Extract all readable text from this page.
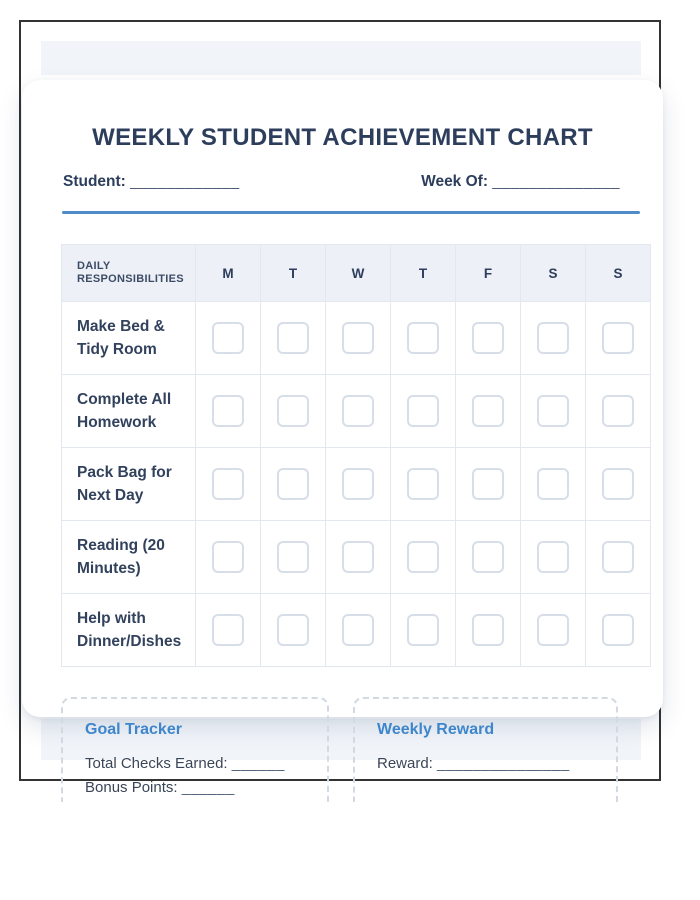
WEEKLY STUDENT ACHIEVEMENT CHART
Student: ____________	Week Of: ______________
DAILY RESPONSIBILITIES	M	T	W	T	F	S	S
Make Bed & Tidy Room	

Complete All Homework	

Pack Bag for Next Day	

Reading (20 Minutes)	

Help with Dinner/Dishes	

Goal Tracker
Total Checks Earned: ______
Bonus Points: ______
Weekly Reward
Reward: _______________
